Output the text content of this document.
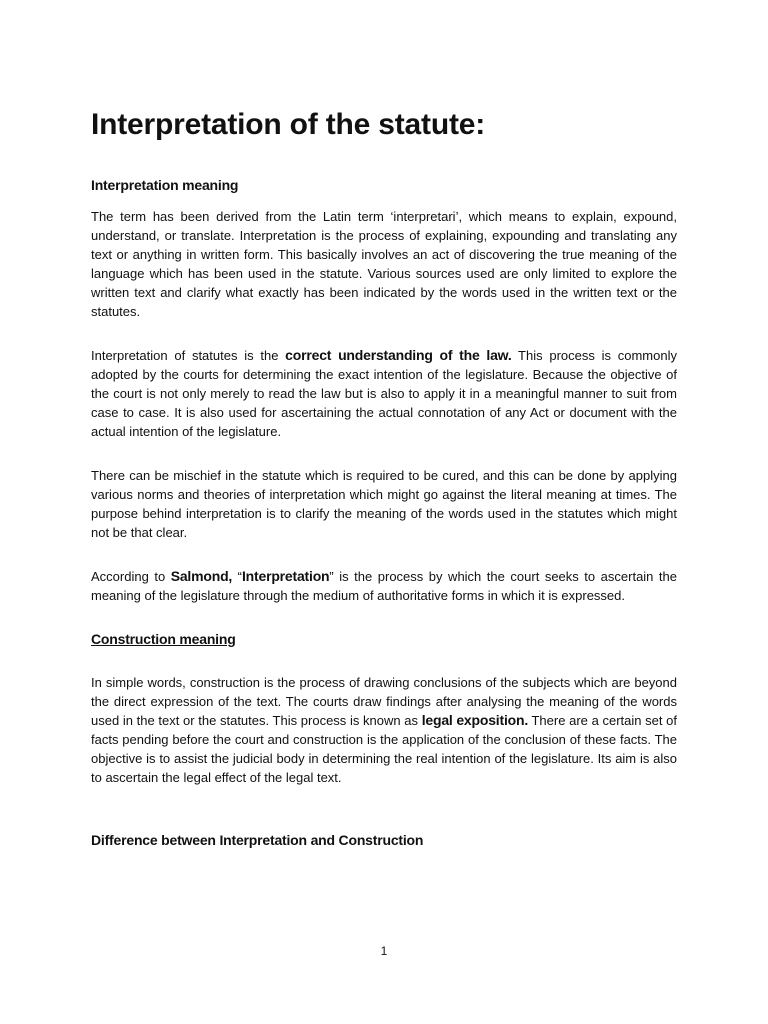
Interpretation of the statute:
Interpretation meaning

The term has been derived from the Latin term ‘interpretari’, which means to explain, expound, understand, or translate. Interpretation is the process of explaining, expounding and translating any text or anything in written form. This basically involves an act of discovering the true meaning of the language which has been used in the statute. Various sources used are only limited to explore the written text and clarify what exactly has been indicated by the words used in the written text or the statutes.

Interpretation of statutes is the correct understanding of the law. This process is commonly adopted by the courts for determining the exact intention of the legislature. Because the objective of the court is not only merely to read the law but is also to apply it in a meaningful manner to suit from case to case. It is also used for ascertaining the actual connotation of any Act or document with the actual intention of the legislature.

There can be mischief in the statute which is required to be cured, and this can be done by applying various norms and theories of interpretation which might go against the literal meaning at times. The purpose behind interpretation is to clarify the meaning of the words used in the statutes which might not be that clear.

According to Salmond, “Interpretation” is the process by which the court seeks to ascertain the meaning of the legislature through the medium of authoritative forms in which it is expressed.

Construction meaning

In simple words, construction is the process of drawing conclusions of the subjects which are beyond the direct expression of the text. The courts draw findings after analysing the meaning of the words used in the text or the statutes. This process is known as legal exposition. There are a certain set of facts pending before the court and construction is the application of the conclusion of these facts. The objective is to assist the judicial body in determining the real intention of the legislature. Its aim is also to ascertain the legal effect of the legal text.

Difference between Interpretation and Construction
1
